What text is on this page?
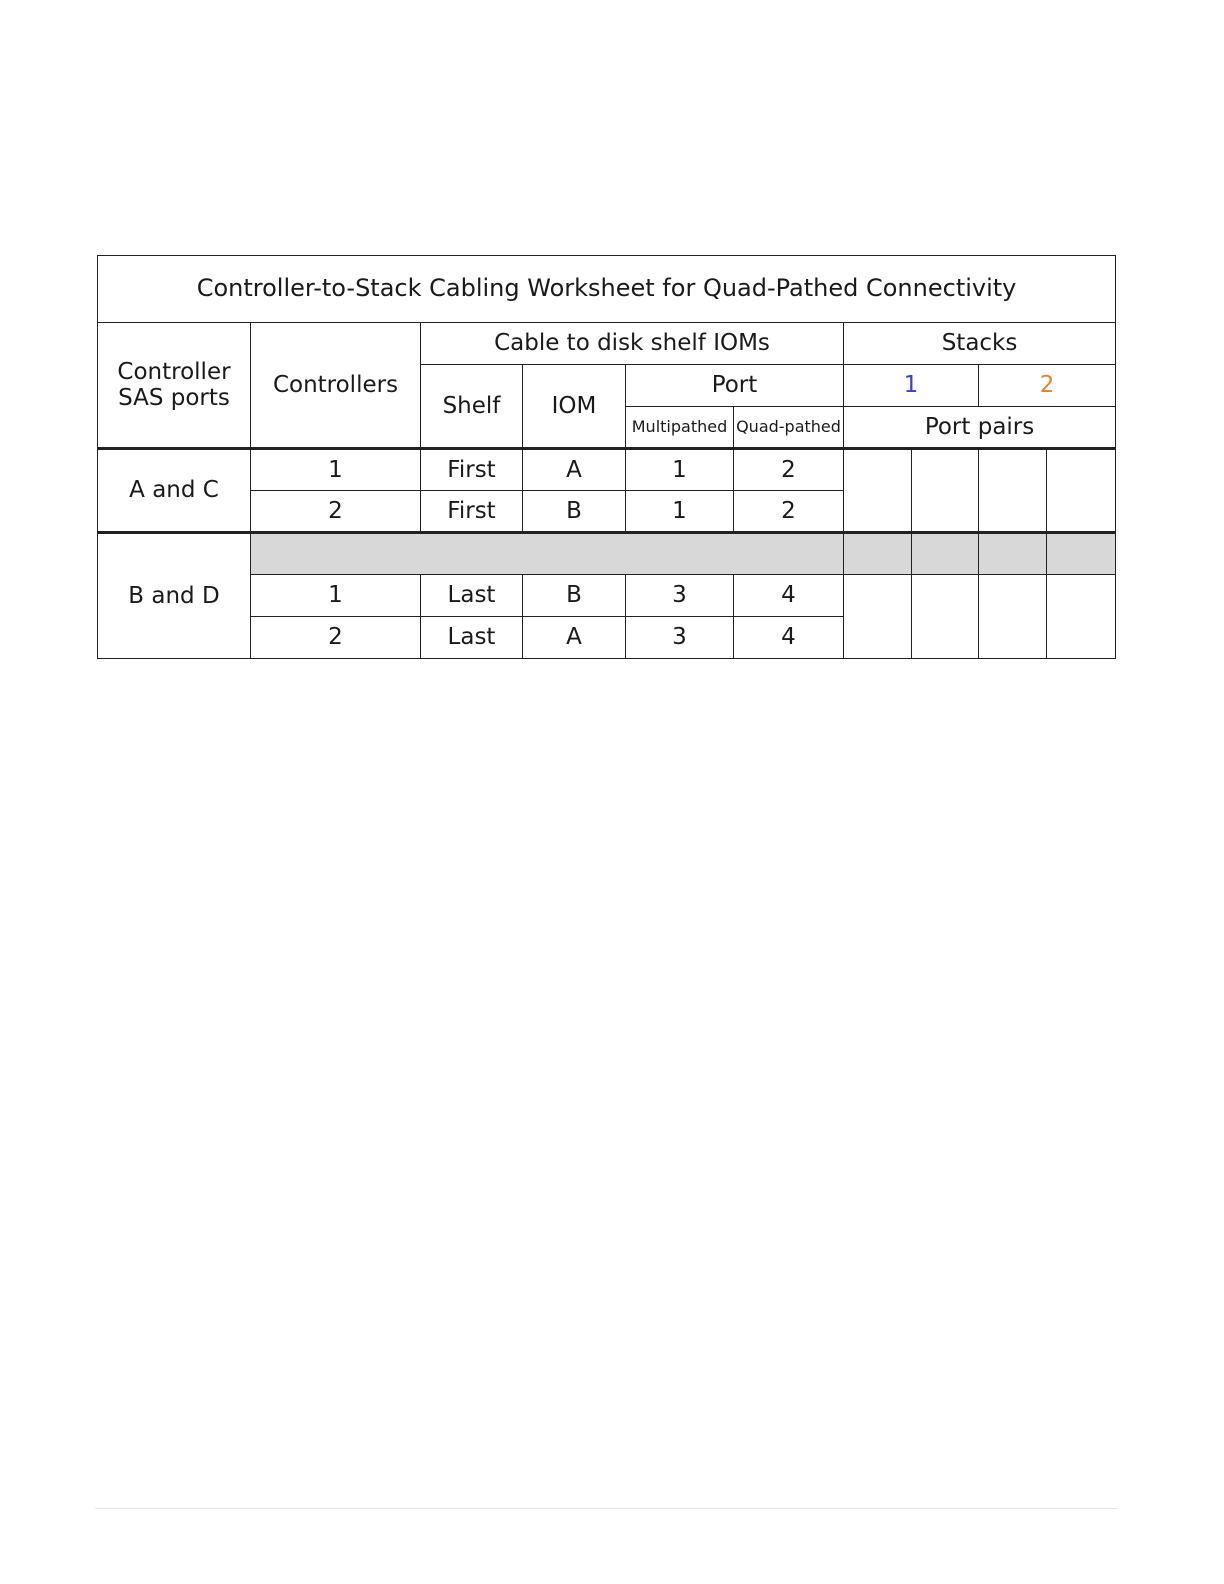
Controller-to-Stack Cabling Worksheet for Quad-Pathed Connectivity									
Controller SAS ports	Controllers	Cable to disk shelf IOMs				Stacks			
		Shelf	IOM	Port		1		2	
				Multipathed	Quad-pathed	Port pairs			
A and C	1	First	A	1	2				
	2	First	B	1	2				
B and D									
	1	Last	B	3	4				
	2	Last	A	3	4				
